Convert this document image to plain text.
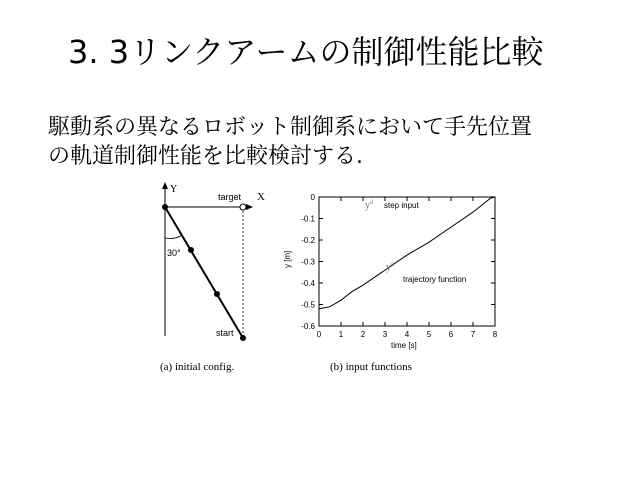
3. 3リンクアームの制御性能比較
駆動系の異なるロボット制御系において手先位置
の軌道制御性能を比較検討する.
Y
X
target
30°
start
(a) initial config.
0
-0.1
-0.2
-0.3
-0.4
-0.5
-0.6
0 1 2 3 4 5 6 7 8
y [m]
time [s]
$y^d$ step input
$y^d$
trajectory function
(b) input functions
